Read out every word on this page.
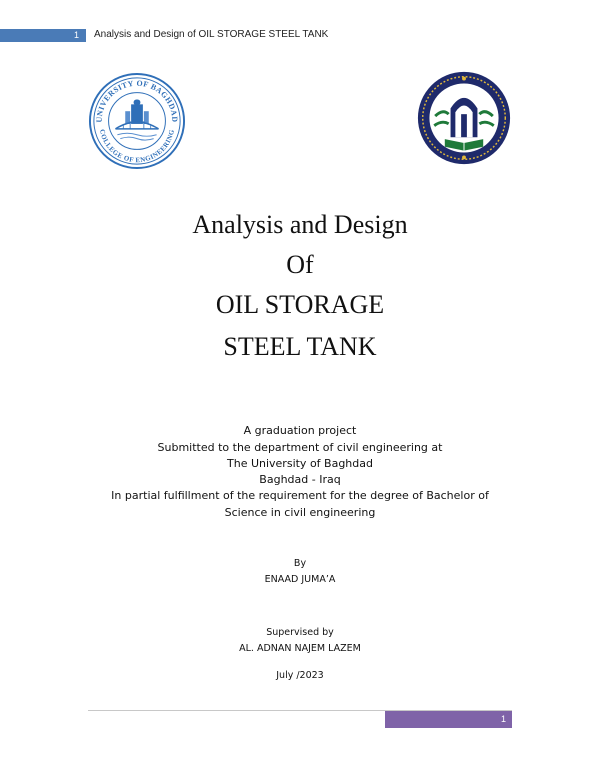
1 Analysis and Design of OIL STORAGE STEEL TANK
UNIVERSITY OF BAGHDAD
COLLEGE OF ENGINEERING
Analysis and Design
Of
OIL STORAGE
STEEL TANK
A graduation project
Submitted to the department of civil engineering at
The University of Baghdad
Baghdad - Iraq
In partial fulfillment of the requirement for the degree of Bachelor of
Science in civil engineering
By
ENAAD JUMA’A
Supervised by
AL. ADNAN NAJEM LAZEM
July /2023
1
